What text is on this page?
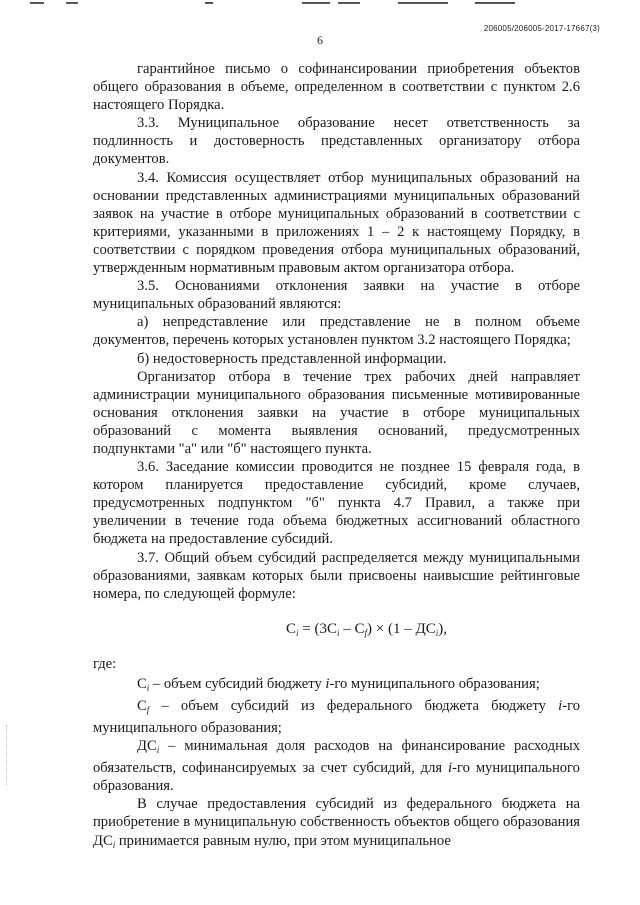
206005/206005-2017-17667(3)
6

гарантийное письмо о софинансировании приобретения объектов общего образования в объеме, определенном в соответствии с пунктом 2.6 настоящего Порядка.

3.3. Муниципальное образование несет ответственность за подлинность и достоверность представленных организатору отбора документов.

3.4. Комиссия осуществляет отбор муниципальных образований на основании представленных администрациями муниципальных образований заявок на участие в отборе муниципальных образований в соответствии с критериями, указанными в приложениях 1 – 2 к настоящему Порядку, в соответствии с порядком проведения отбора муниципальных образований, утвержденным нормативным правовым актом организатора отбора.

3.5. Основаниями отклонения заявки на участие в отборе муниципальных образований являются:

а) непредставление или представление не в полном объеме документов, перечень которых установлен пунктом 3.2 настоящего Порядка;

б) недостоверность представленной информации.

Организатор отбора в течение трех рабочих дней направляет администрации муниципального образования письменные мотивированные основания отклонения заявки на участие в отборе муниципальных образований с момента выявления оснований, предусмотренных подпунктами "а" или "б" настоящего пункта.

3.6. Заседание комиссии проводится не позднее 15 февраля года, в котором планируется предоставление субсидий, кроме случаев, предусмотренных подпунктом "б" пункта 4.7 Правил, а также при увеличении в течение года объема бюджетных ассигнований областного бюджета на предоставление субсидий.

3.7. Общий объем субсидий распределяется между муниципальными образованиями, заявкам которых были присвоены наивысшие рейтинговые номера, по следующей формуле:

$С_i = (3С_i - С_f) \times (1 - ДС_i)$,
где:

$С_i$ – объем субсидий бюджету i-го муниципального образования;

$С_f$ – объем субсидий из федерального бюджета бюджету i-го муниципального образования;

$ДС_i$ – минимальная доля расходов на финансирование расходных обязательств, софинансируемых за счет субсидий, для i-го муниципального образования.

В случае предоставления субсидий из федерального бюджета на приобретение в муниципальную собственность объектов общего образования $ДС_i$ принимается равным нулю, при этом муниципальное
